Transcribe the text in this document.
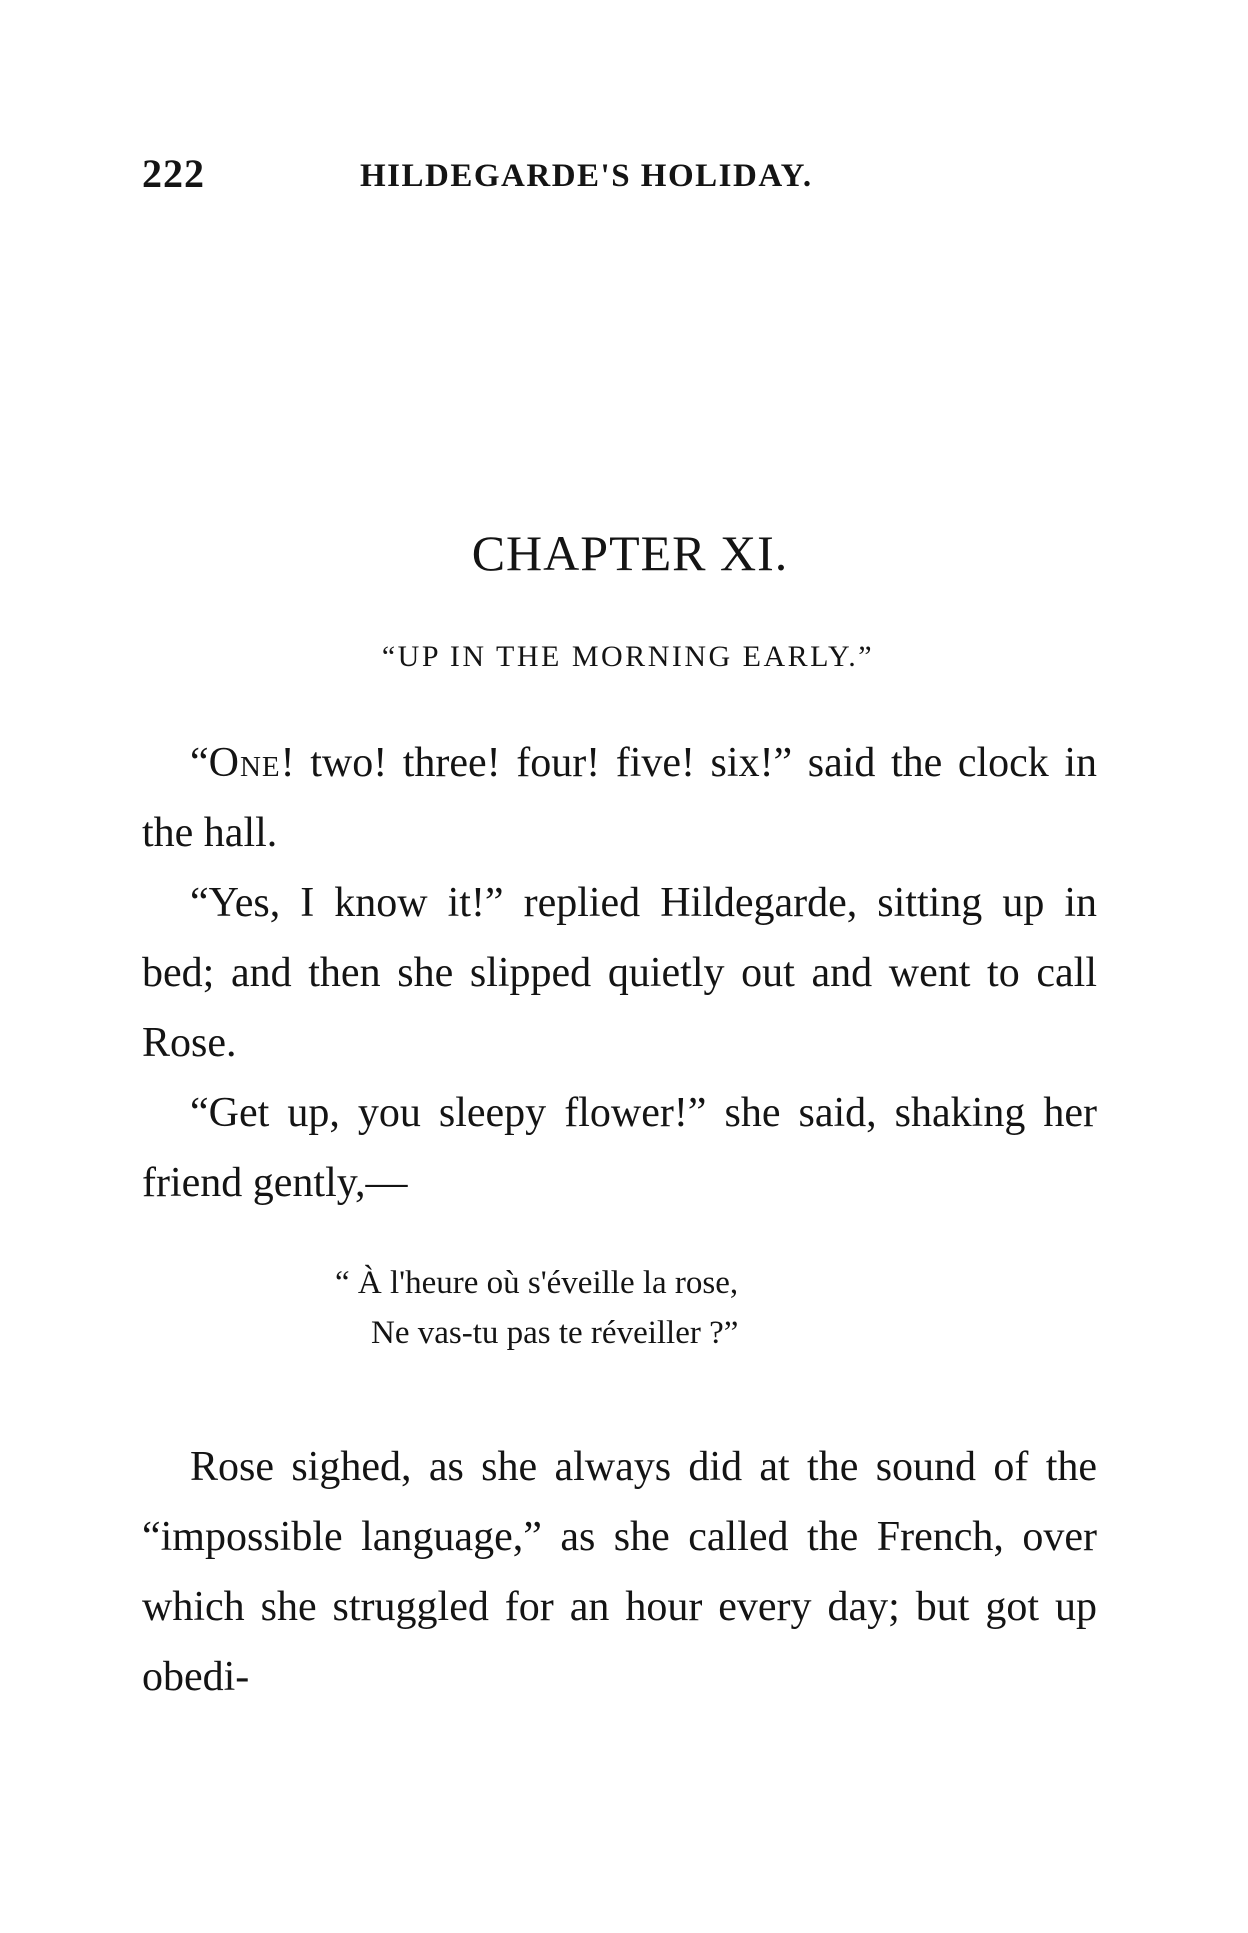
222	HILDEGARDE'S HOLIDAY.
CHAPTER XI.
“UP IN THE MORNING EARLY.”

“One! two! three! four! five! six!” said the clock in the hall.

“Yes, I know it!” replied Hildegarde, sitting up in bed; and then she slipped quietly out and went to call Rose.

“Get up, you sleepy flower!” she said, shaking her friend gently,—

“ À l'heure où s'éveille la rose,
Ne vas-tu pas te réveiller ?”

Rose sighed, as she always did at the sound of the “impossible language,” as she called the French, over which she struggled for an hour every day; but got up obedi-
